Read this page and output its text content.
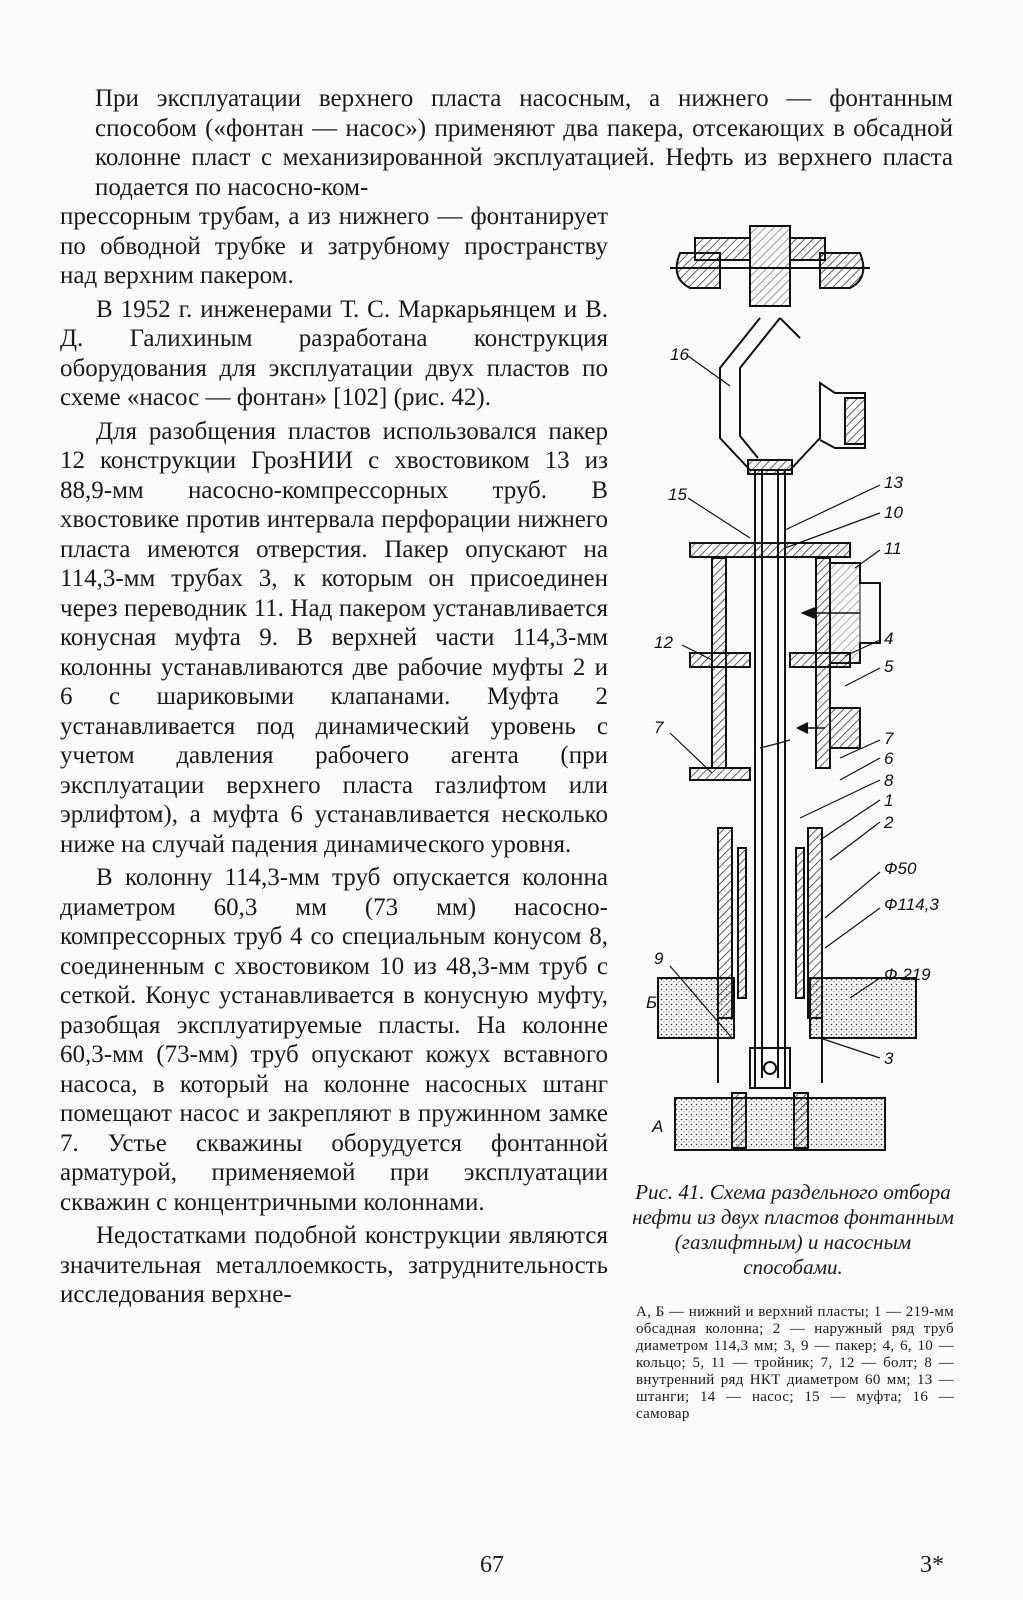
При эксплуатации верхнего пласта насосным, а нижнего — фонтанным способом («фонтан — насос») применяют два пакера, отсекающих в обсадной колонне пласт с механизированной эксплуатацией. Нефть из верхнего пласта подается по насосно-ком-

прессорным трубам, а из нижнего — фонтанирует по обводной трубке и затрубному пространству над верхним пакером.

В 1952 г. инженерами Т. С. Маркарьянцем и В. Д. Галихиным разработана конструкция оборудования для эксплуатации двух пластов по схеме «насос — фонтан» [102] (рис. 42).

Для разобщения пластов использовался пакер 12 конструкции ГрозНИИ с хвостовиком 13 из 88,9-мм насосно-компрессорных труб. В хвостовике против интервала перфорации нижнего пласта имеются отверстия. Пакер опускают на 114,3-мм трубах 3, к которым он присоединен через переводник 11. Над пакером устанавливается конусная муфта 9. В верхней части 114,3-мм колонны устанавливаются две рабочие муфты 2 и 6 с шариковыми клапанами. Муфта 2 устанавливается под динамический уровень с учетом давления рабочего агента (при эксплуатации верхнего пласта газлифтом или эрлифтом), а муфта 6 устанавливается несколько ниже на случай падения динамического уровня.

В колонну 114,3-мм труб опускается колонна диаметром 60,3 мм (73 мм) насосно-компрессорных труб 4 со специальным конусом 8, соединенным с хвостовиком 10 из 48,3-мм труб с сеткой. Конус устанавливается в конусную муфту, разобщая эксплуатируемые пласты. На колонне 60,3-мм (73-мм) труб опускают кожух вставного насоса, в который на колонне насосных штанг помещают насос и закрепляют в пружинном замке 7. Устье скважины оборудуется фонтанной арматурой, применяемой при эксплуатации скважин с концентричными колоннами.

Недостатками подобной конструкции являются значительная металлоемкость, затруднительность исследования верхне-

16
15
12
7
9
Б
А
13
10
11
4
5
7
6
8
1
2
Ф50
Ф114,3
Ф 219
3
Рис. 41. Схема раздельного отбора нефти из двух пластов фонтанным (газлифтным) и насосным способами.
А, Б — нижний и верхний пласты; 1 — 219-мм обсадная колонна; 2 — наружный ряд труб диаметром 114,3 мм; 3, 9 — пакер; 4, 6, 10 — кольцо; 5, 11 — тройник; 7, 12 — болт; 8 — внутренний ряд НКТ диаметром 60 мм; 13 — штанги; 14 — насос; 15 — муфта; 16 — самовар
67	3*
